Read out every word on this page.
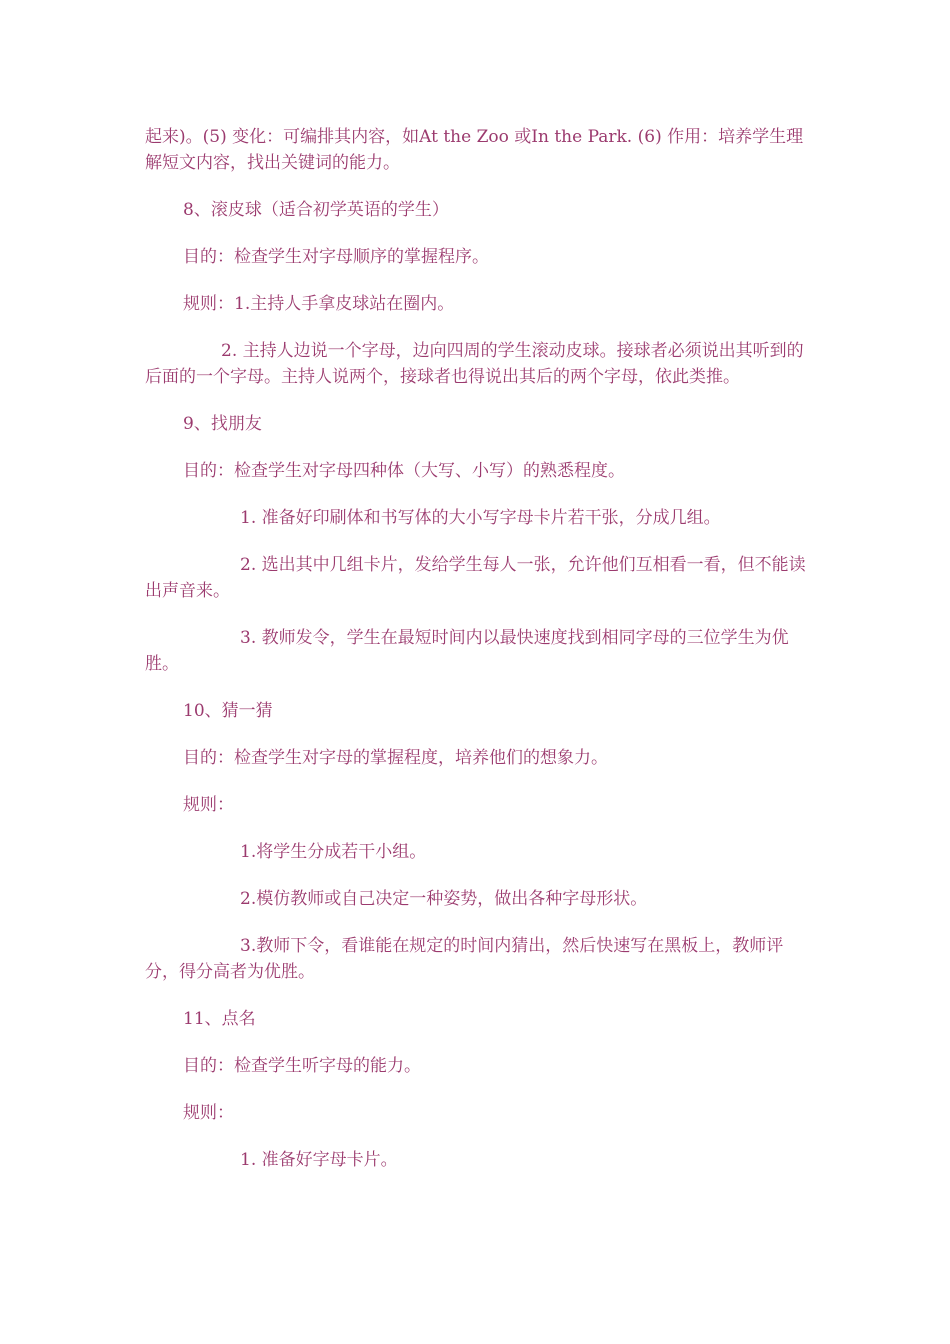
起来)。(5) 变化：可编排其内容，如At the Zoo 或In the Park. (6) 作用：培养学生理解短文内容，找出关键词的能力。

8、滚皮球（适合初学英语的学生）

目的：检查学生对字母顺序的掌握程序。

规则：1.主持人手拿皮球站在圈内。

2. 主持人边说一个字母，边向四周的学生滚动皮球。接球者必须说出其听到的后面的一个字母。主持人说两个，接球者也得说出其后的两个字母，依此类推。

9、找朋友

目的：检查学生对字母四种体（大写、小写）的熟悉程度。

1. 准备好印刷体和书写体的大小写字母卡片若干张，分成几组。

2. 选出其中几组卡片，发给学生每人一张，允许他们互相看一看，但不能读出声音来。

3. 教师发令，学生在最短时间内以最快速度找到相同字母的三位学生为优胜。

10、猜一猜

目的：检查学生对字母的掌握程度，培养他们的想象力。

规则：

1.将学生分成若干小组。

2.模仿教师或自己决定一种姿势，做出各种字母形状。

3.教师下令，看谁能在规定的时间内猜出，然后快速写在黑板上，教师评分，得分高者为优胜。

11、点名

目的：检查学生听字母的能力。

规则：

1. 准备好字母卡片。
